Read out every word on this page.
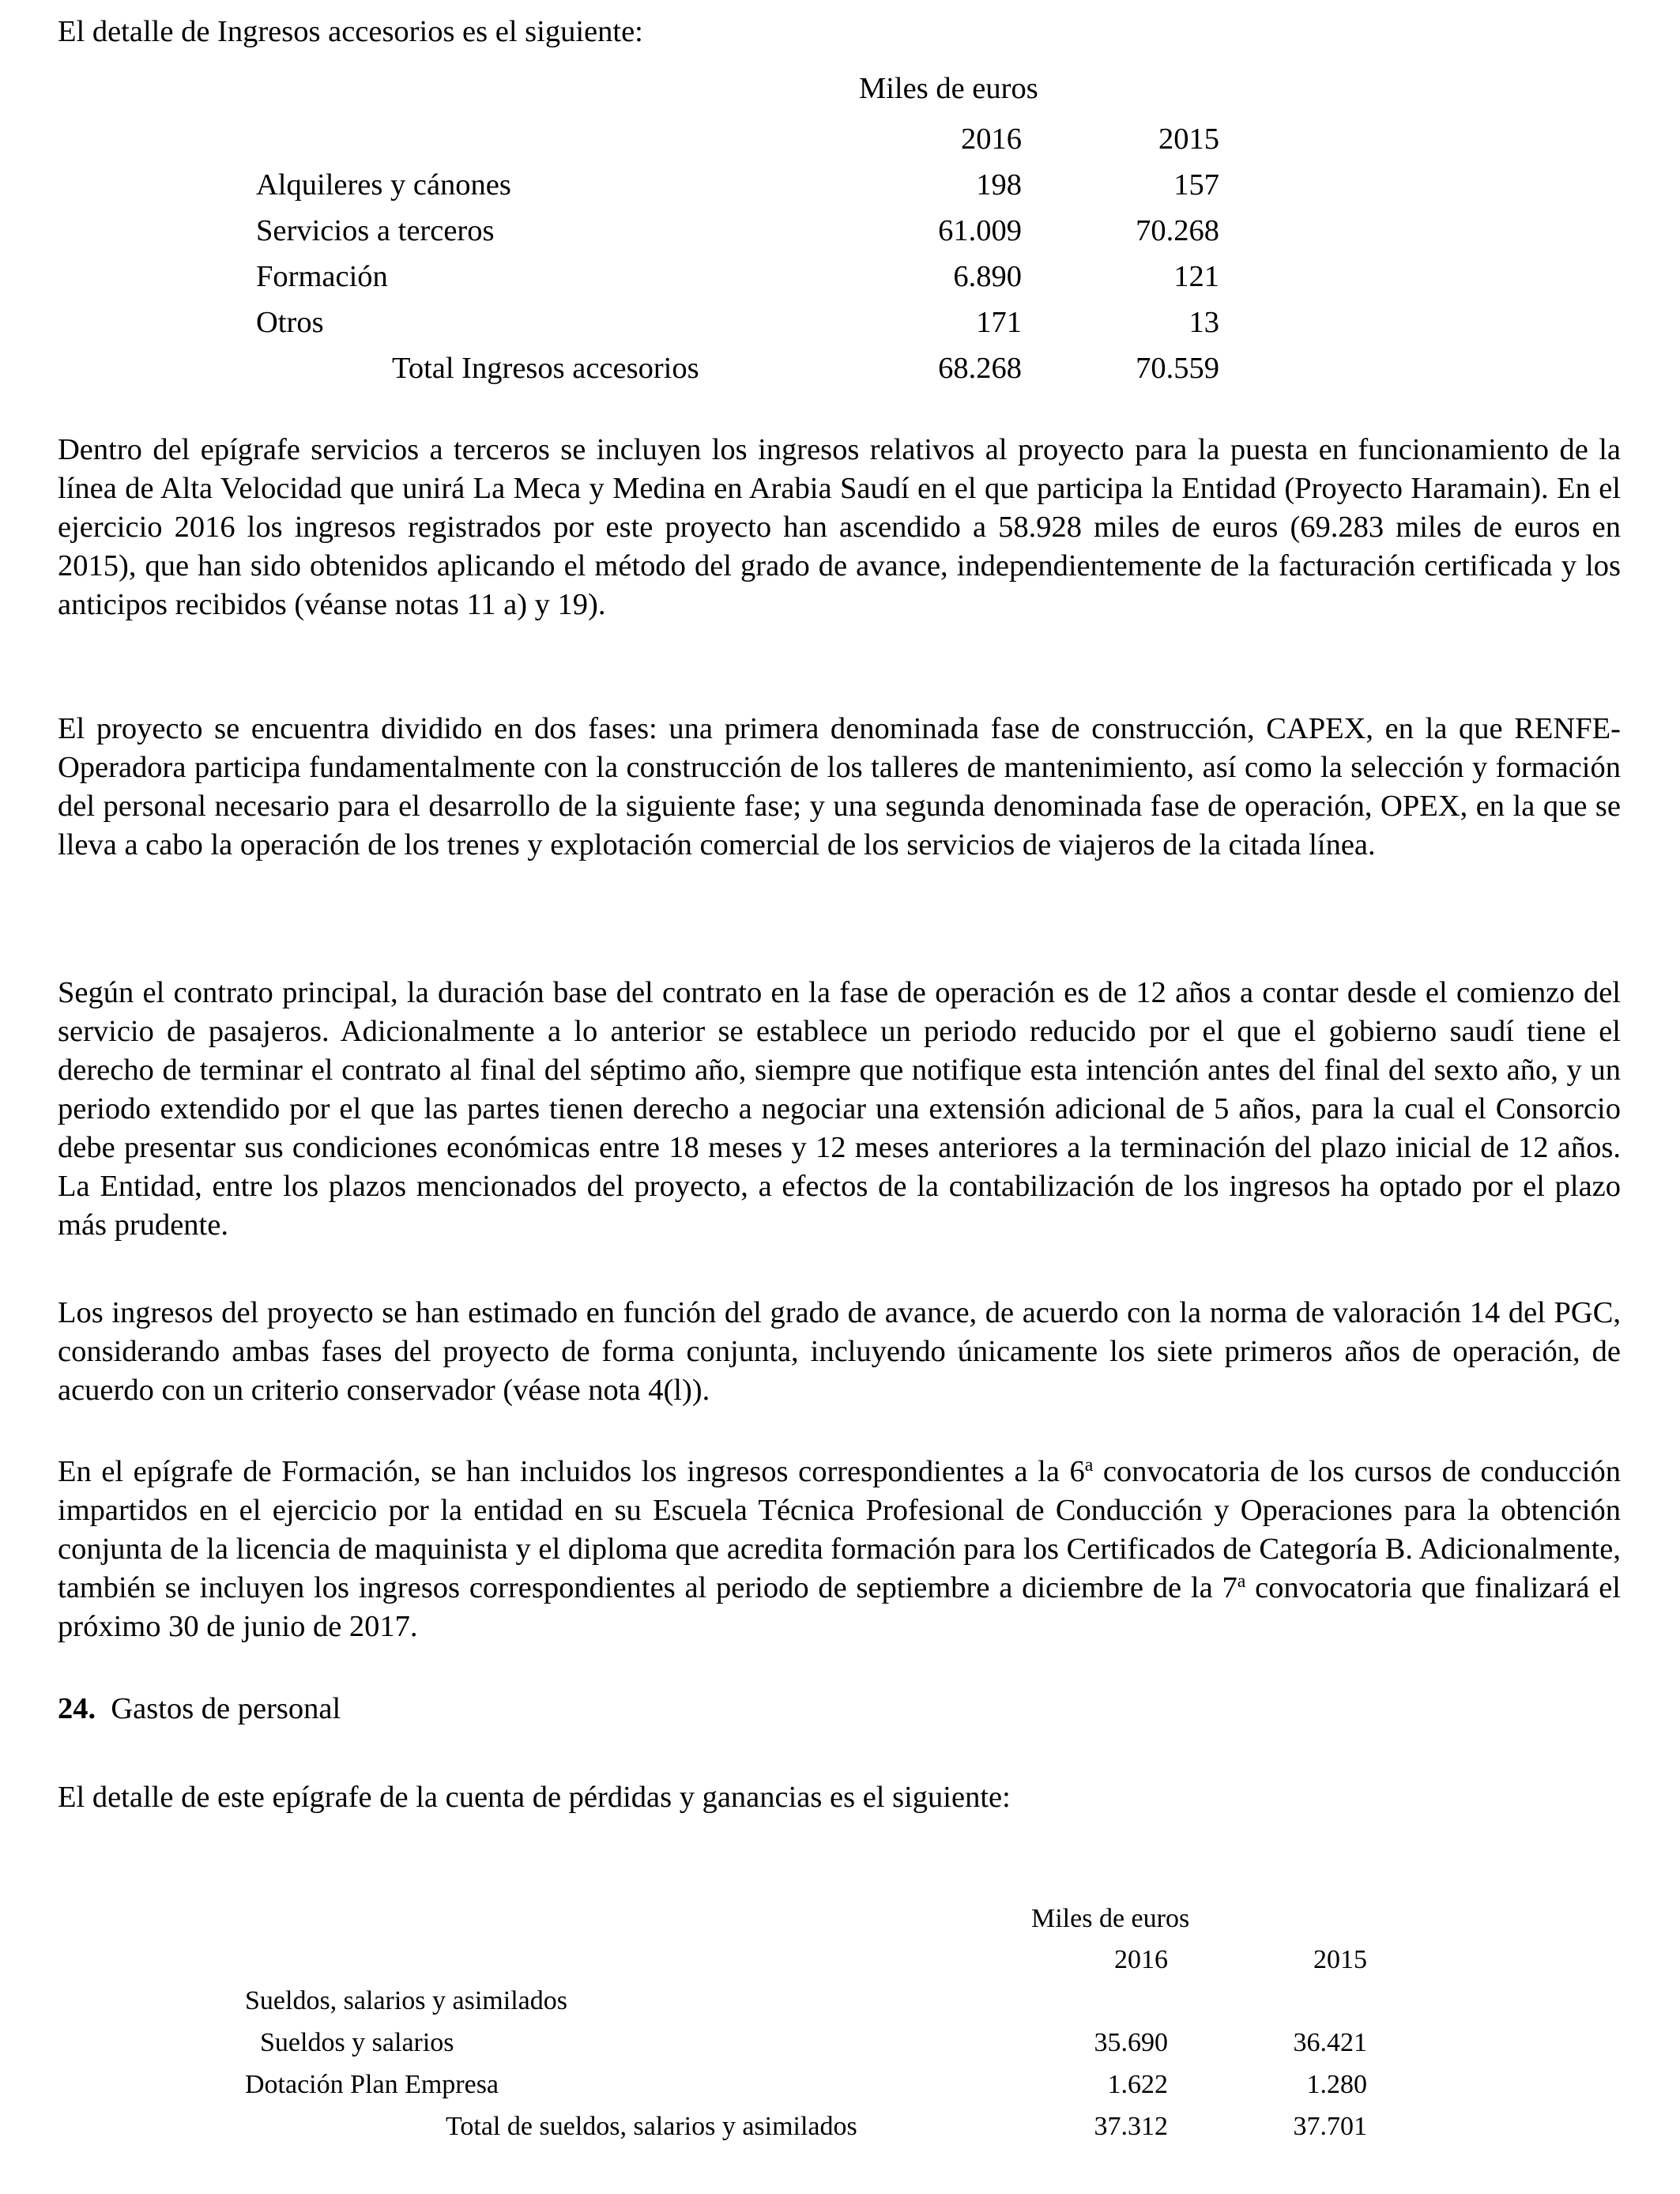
El detalle de Ingresos accesorios es el siguiente:
Miles de euros
2016	2015
Alquileres y cánones	198	157
Servicios a terceros	61.009	70.268
Formación	6.890	121
Otros	171	13
Total Ingresos accesorios	68.268	70.559

Dentro del epígrafe servicios a terceros se incluyen los ingresos relativos al proyecto para la puesta en funcionamiento de la línea de Alta Velocidad que unirá La Meca y Medina en Arabia Saudí en el que participa la Entidad (Proyecto Haramain). En el ejercicio 2016 los ingresos registrados por este proyecto han ascendido a 58.928 miles de euros (69.283 miles de euros en 2015), que han sido obtenidos aplicando el método del grado de avance, independientemente de la facturación certificada y los anticipos recibidos (véanse notas 11 a) y 19).

El proyecto se encuentra dividido en dos fases: una primera denominada fase de construcción, CAPEX, en la que RENFE-Operadora participa fundamentalmente con la construcción de los talleres de mantenimiento, así como la selección y formación del personal necesario para el desarrollo de la siguiente fase; y una segunda denominada fase de operación, OPEX, en la que se lleva a cabo la operación de los trenes y explotación comercial de los servicios de viajeros de la citada línea.

Según el contrato principal, la duración base del contrato en la fase de operación es de 12 años a contar desde el comienzo del servicio de pasajeros. Adicionalmente a lo anterior se establece un periodo reducido por el que el gobierno saudí tiene el derecho de terminar el contrato al final del séptimo año, siempre que notifique esta intención antes del final del sexto año, y un periodo extendido por el que las partes tienen derecho a negociar una extensión adicional de 5 años, para la cual el Consorcio debe presentar sus condiciones económicas entre 18 meses y 12 meses anteriores a la terminación del plazo inicial de 12 años. La Entidad, entre los plazos mencionados del proyecto, a efectos de la contabilización de los ingresos ha optado por el plazo más prudente.

Los ingresos del proyecto se han estimado en función del grado de avance, de acuerdo con la norma de valoración 14 del PGC, considerando ambas fases del proyecto de forma conjunta, incluyendo únicamente los siete primeros años de operación, de acuerdo con un criterio conservador (véase nota 4(l)).

En el epígrafe de Formación, se han incluidos los ingresos correspondientes a la 6$^a$ convocatoria de los cursos de conducción impartidos en el ejercicio por la entidad en su Escuela Técnica Profesional de Conducción y Operaciones para la obtención conjunta de la licencia de maquinista y el diploma que acredita formación para los Certificados de Categoría B. Adicionalmente, también se incluyen los ingresos correspondientes al periodo de septiembre a diciembre de la 7$^a$ convocatoria que finalizará el próximo 30 de junio de 2017.

24. Gastos de personal
El detalle de este epígrafe de la cuenta de pérdidas y ganancias es el siguiente:
Miles de euros
2016	2015
Sueldos, salarios y asimilados
Sueldos y salarios	35.690	36.421
Dotación Plan Empresa	1.622	1.280
Total de sueldos, salarios y asimilados	37.312	37.701
